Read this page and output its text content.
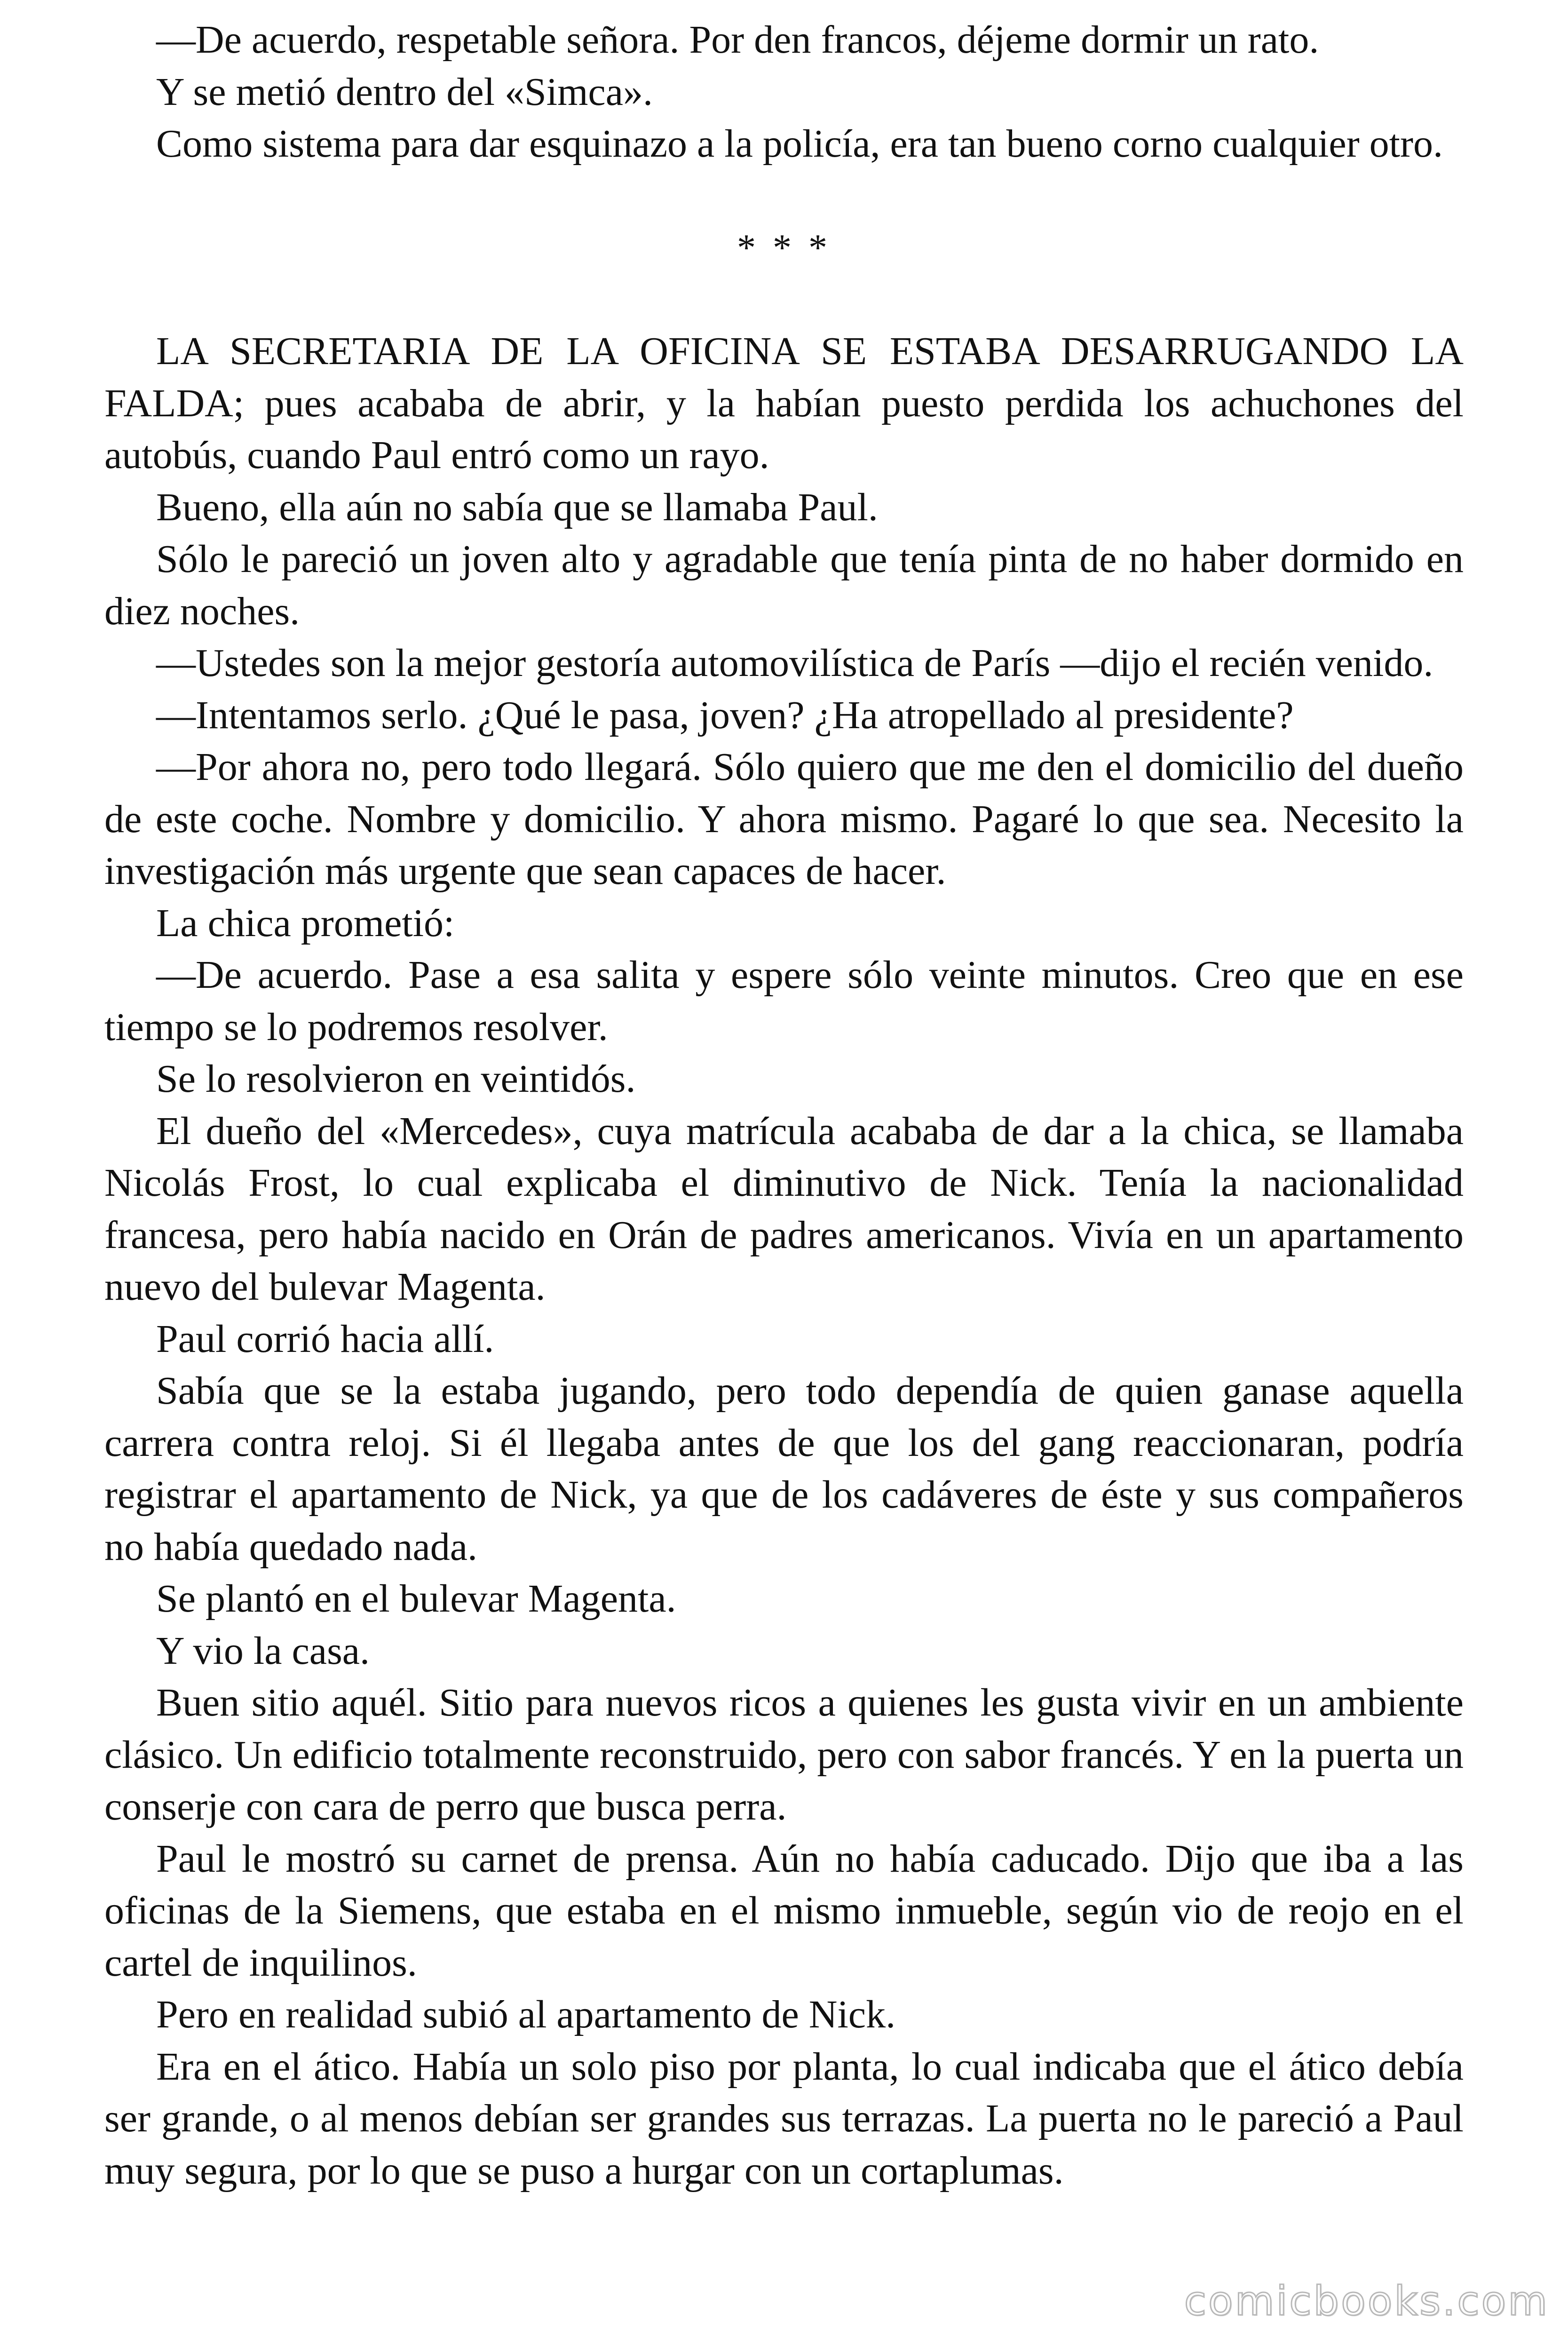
—De acuerdo, respetable señora. Por den francos, déjeme dormir un rato.

Y se metió dentro del «Simca».

Como sistema para dar esquinazo a la policía, era tan bueno corno cualquier otro.

* * *

LA SECRETARIA DE LA OFICINA SE ESTABA DESARRUGANDO LA FALDA; pues acababa de abrir, y la habían puesto perdida los achuchones del autobús, cuando Paul entró como un rayo.

Bueno, ella aún no sabía que se llamaba Paul.

Sólo le pareció un joven alto y agradable que tenía pinta de no haber dormido en diez noches.

—Ustedes son la mejor gestoría automovilística de París —dijo el recién venido.

—Intentamos serlo. ¿Qué le pasa, joven? ¿Ha atropellado al presidente?

—Por ahora no, pero todo llegará. Sólo quiero que me den el domicilio del dueño de este coche. Nombre y domicilio. Y ahora mismo. Pagaré lo que sea. Necesito la investigación más urgente que sean capaces de hacer.

La chica prometió:

—De acuerdo. Pase a esa salita y espere sólo veinte minutos. Creo que en ese tiempo se lo podremos resolver.

Se lo resolvieron en veintidós.

El dueño del «Mercedes», cuya matrícula acababa de dar a la chica, se llamaba Nicolás Frost, lo cual explicaba el diminutivo de Nick. Tenía la nacionalidad francesa, pero había nacido en Orán de padres americanos. Vivía en un apartamento nuevo del bulevar Magenta.

Paul corrió hacia allí.

Sabía que se la estaba jugando, pero todo dependía de quien ganase aquella carrera contra reloj. Si él llegaba antes de que los del gang reaccionaran, podría registrar el apartamento de Nick, ya que de los cadáveres de éste y sus compañeros no había quedado nada.

Se plantó en el bulevar Magenta.

Y vio la casa.

Buen sitio aquél. Sitio para nuevos ricos a quienes les gusta vivir en un ambiente clásico. Un edificio totalmente reconstruido, pero con sabor francés. Y en la puerta un conserje con cara de perro que busca perra.

Paul le mostró su carnet de prensa. Aún no había caducado. Dijo que iba a las oficinas de la Siemens, que estaba en el mismo inmueble, según vio de reojo en el cartel de inquilinos.

Pero en realidad subió al apartamento de Nick.

Era en el ático. Había un solo piso por planta, lo cual indicaba que el ático debía ser grande, o al menos debían ser grandes sus terrazas. La puerta no le pareció a Paul muy segura, por lo que se puso a hurgar con un cortaplumas.

comicbooks.com
